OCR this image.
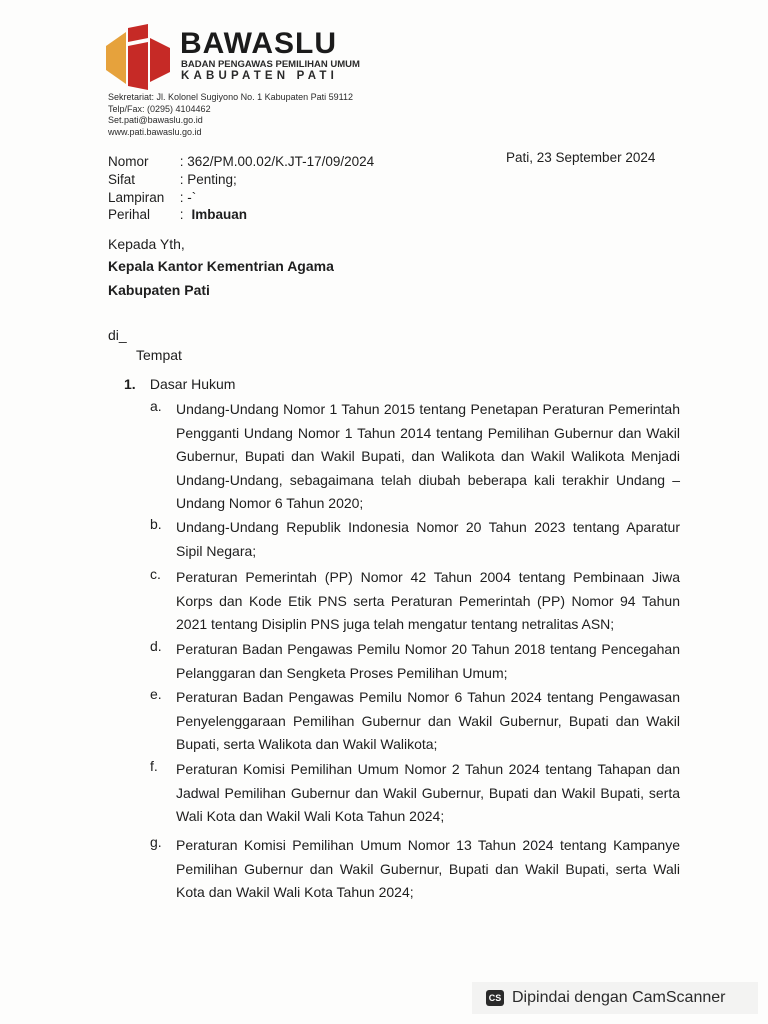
BAWASLU
BADAN PENGAWAS PEMILIHAN UMUM
KABUPATEN PATI
Sekretariat: Jl. Kolonel Sugiyono No. 1 Kabupaten Pati 59112
Telp/Fax: (0295) 4104462
Set.pati@bawaslu.go.id
www.pati.bawaslu.go.id
Nomor : 362/PM.00.02/K.JT-17/09/2024	Pati, 23 September 2024
Sifat	: Penting;
Lampiran : -`
Perihal : Imbauan
Kepada Yth,
Kepala Kantor Kementrian Agama
Kabupaten Pati
di_
Tempat
1. Dasar Hukum
a.	Undang-Undang Nomor 1 Tahun 2015 tentang Penetapan Peraturan Pemerintah Pengganti Undang Nomor 1 Tahun 2014 tentang Pemilihan Gubernur dan Wakil Gubernur, Bupati dan Wakil Bupati, dan Walikota dan Wakil Walikota Menjadi Undang-Undang, sebagaimana telah diubah beberapa kali terakhir Undang – Undang Nomor 6 Tahun 2020;
b.	Undang-Undang Republik Indonesia Nomor 20 Tahun 2023 tentang Aparatur Sipil Negara;
c.	Peraturan Pemerintah (PP) Nomor 42 Tahun 2004 tentang Pembinaan Jiwa Korps dan Kode Etik PNS serta Peraturan Pemerintah (PP) Nomor 94 Tahun 2021 tentang Disiplin PNS juga telah mengatur tentang netralitas ASN;
d.	Peraturan Badan Pengawas Pemilu Nomor 20 Tahun 2018 tentang Pencegahan Pelanggaran dan Sengketa Proses Pemilihan Umum;
e.	Peraturan Badan Pengawas Pemilu Nomor 6 Tahun 2024 tentang Pengawasan Penyelenggaraan Pemilihan Gubernur dan Wakil Gubernur, Bupati dan Wakil Bupati, serta Walikota dan Wakil Walikota;
f.	Peraturan Komisi Pemilihan Umum Nomor 2 Tahun 2024 tentang Tahapan dan Jadwal Pemilihan Gubernur dan Wakil Gubernur, Bupati dan Wakil Bupati, serta Wali Kota dan Wakil Wali Kota Tahun 2024;
g.	Peraturan Komisi Pemilihan Umum Nomor 13 Tahun 2024 tentang Kampanye Pemilihan Gubernur dan Wakil Gubernur, Bupati dan Wakil Bupati, serta Wali Kota dan Wakil Wali Kota Tahun 2024;
CS Dipindai dengan CamScanner
